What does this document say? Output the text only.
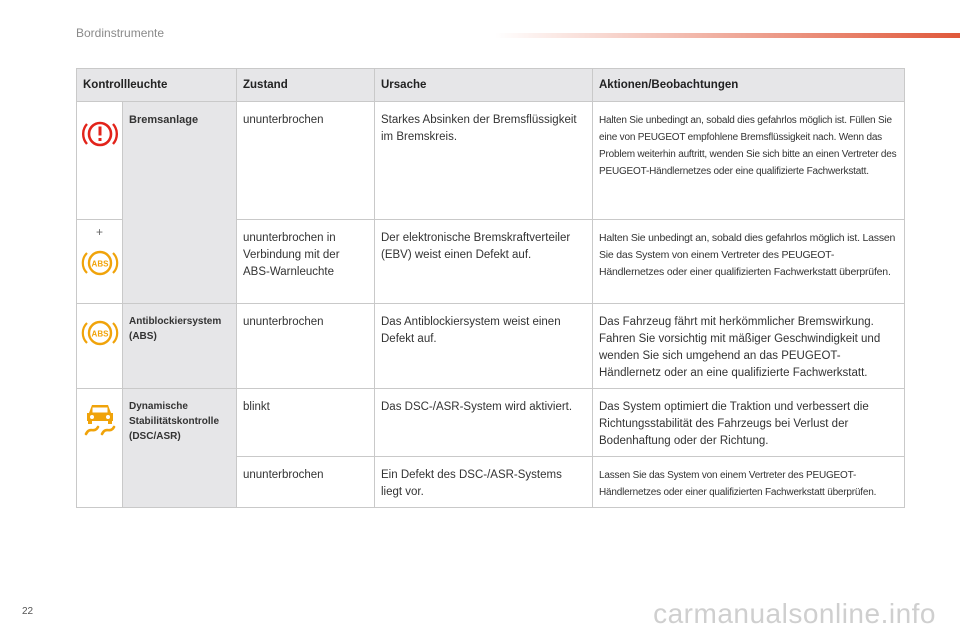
Bordinstrumente
Kontrollleuchte		Zustand	Ursache	Aktionen/Beobachtungen

	Bremsanlage	ununterbrochen	Starkes Absinken der Bremsflüssigkeit im Bremskreis.	Halten Sie unbedingt an, sobald dies gefahrlos möglich ist. Füllen Sie eine von PEUGEOT empfohlene Bremsflüssigkeit nach. Wenn das Problem weiterhin auftritt, wenden Sie sich bitte an einen Vertreter des PEUGEOT-Händlernetzes oder eine qualifizierte Fachwerkstatt.

+
ABS		ununterbrochen in Verbindung mit der ABS-Warnleuchte	Der elektronische Bremskraftverteiler (EBV) weist einen Defekt auf.	Halten Sie unbedingt an, sobald dies gefahrlos möglich ist. Lassen Sie das System von einem Vertreter des PEUGEOT-Händlernetzes oder einer qualifizierten Fachwerkstatt überprüfen.

ABS	Antiblockiersystem (ABS)	ununterbrochen	Das Antiblockiersystem weist einen Defekt auf.	Das Fahrzeug fährt mit herkömmlicher Bremswirkung. Fahren Sie vorsichtig mit mäßiger Geschwindigkeit und wenden Sie sich umgehend an das PEUGEOT-Händlernetz oder an eine qualifizierte Fachwerkstatt.

	Dynamische Stabilitätskontrolle (DSC/ASR)	blinkt	Das DSC-/ASR-System wird aktiviert.	Das System optimiert die Traktion und verbessert die Richtungsstabilität des Fahrzeugs bei Verlust der Bodenhaftung oder der Richtung.
		ununterbrochen	Ein Defekt des DSC-/ASR-Systems liegt vor.	Lassen Sie das System von einem Vertreter des PEUGEOT-Händlernetzes oder einer qualifizierten Fachwerkstatt überprüfen.
22	carmanualsonline.info
